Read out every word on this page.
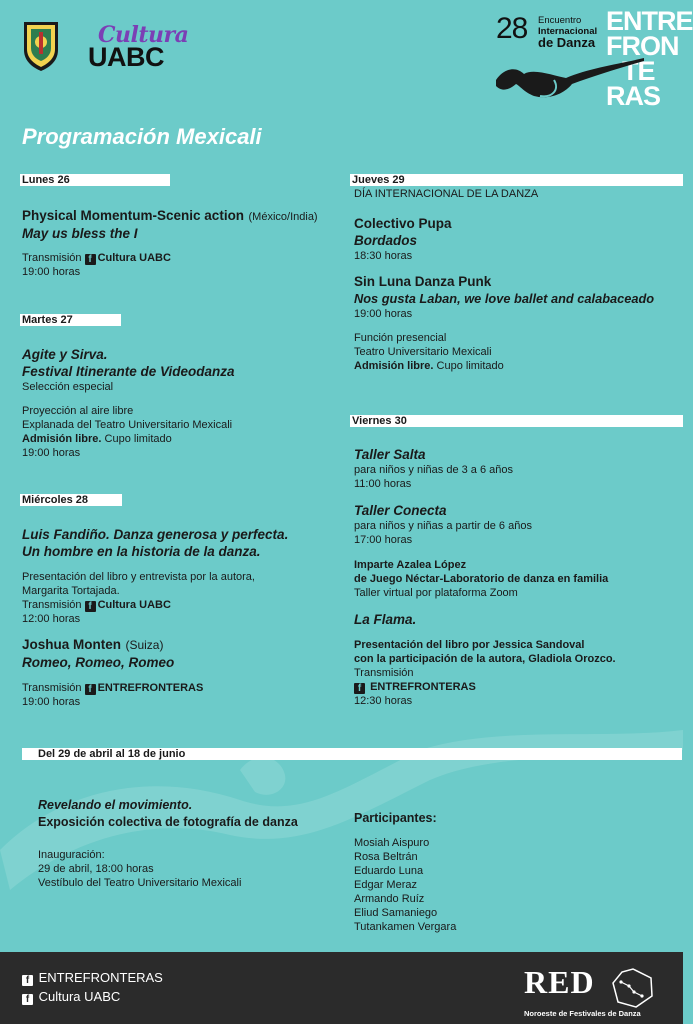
Cultura
UABC
28 Encuentro
Internacional
de Danza
ENTRE
FRON
TE
RAS
Programación Mexicali
Lunes 26
Physical Momentum-Scenic action (México/India)
May us bless the I
Transmisión f Cultura UABC
19:00 horas
Martes 27
Agite y Sirva.
Festival Itinerante de Videodanza
Selección especial
Proyección al aire libre
Explanada del Teatro Universitario Mexicali
Admisión libre. Cupo limitado
19:00 horas
Miércoles 28
Luis Fandiño. Danza generosa y perfecta.
Un hombre en la historia de la danza.
Presentación del libro y entrevista por la autora,
Margarita Tortajada.
Transmisión f Cultura UABC
12:00 horas
Joshua Monten (Suiza)
Romeo, Romeo, Romeo
Transmisión f ENTREFRONTERAS
19:00 horas
Jueves 29
DÍA INTERNACIONAL DE LA DANZA
Colectivo Pupa
Bordados
18:30 horas
Sin Luna Danza Punk
Nos gusta Laban, we love ballet and calabaceado
19:00 horas
Función presencial
Teatro Universitario Mexicali
Admisión libre. Cupo limitado
Viernes 30
Taller Salta
para niños y niñas de 3 a 6 años
11:00 horas
Taller Conecta
para niños y niñas a partir de 6 años
17:00 horas
Imparte Azalea López
de Juego Néctar-Laboratorio de danza en familia
Taller virtual por plataforma Zoom
La Flama.
Presentación del libro por Jessica Sandoval
con la participación de la autora, Gladiola Orozco.
Transmisión
f ENTREFRONTERAS
12:30 horas
Del 29 de abril al 18 de junio
Revelando el movimiento.
Exposición colectiva de fotografía de danza
Inauguración:
29 de abril, 18:00 horas
Vestíbulo del Teatro Universitario Mexicali
Participantes:
Mosiah Aispuro
Rosa Beltrán
Eduardo Luna
Edgar Meraz
Armando Ruíz
Eliud Samaniego
Tutankamen Vergara
f ENTREFRONTERAS
f Cultura UABC	RED
Noroeste de Festivales de Danza
